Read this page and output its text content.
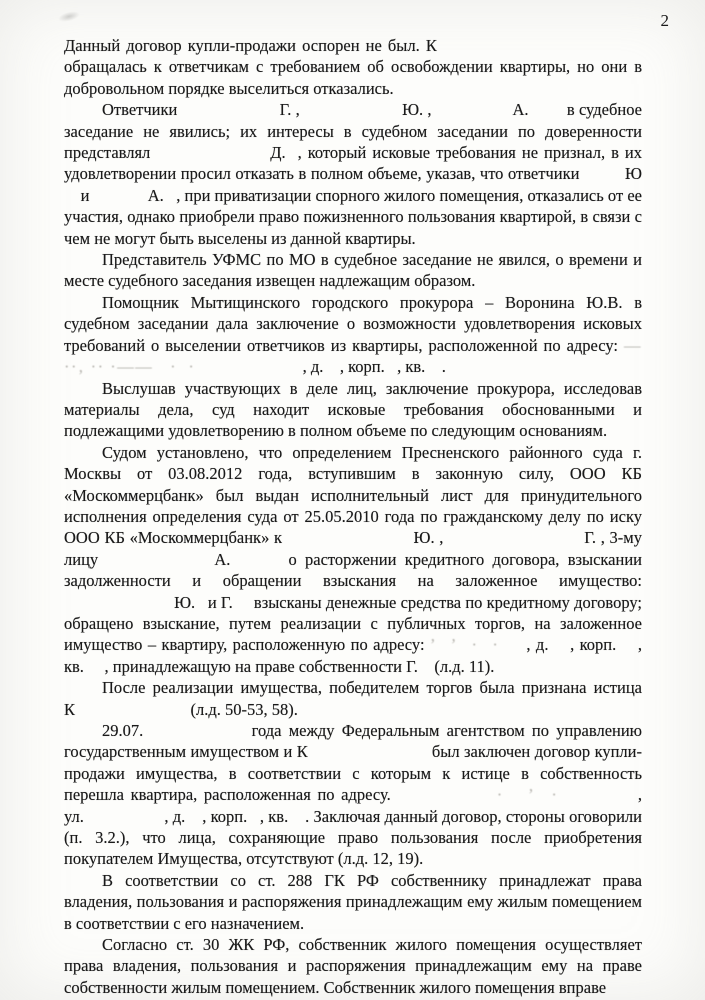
2

Данный договор купли-продажи оспорен не был. К                                   обращалась к ответчикам с требованием об освобождении квартиры, но они в добровольном порядке выселиться отказались.

Ответчики                        Г. ,                        Ю. ,                   А.         в судебное заседание не явились; их интересы в судебном заседании по доверенности представлял                    Д.  , который исковые требования не признал, в их удовлетворении просил отказать в полном объеме, указав, что ответчики          Ю     и              А.   , при приватизации спорного жилого помещения, отказались от ее участия, однако приобрели право пожизненного пользования квартирой, в связи с чем не могут быть выселены из данной квартиры.

Представитель УФМС по МО в судебное заседание не явился, о времени и месте судебного заседания извещен надлежащим образом.

Помощник Мытищинского городского прокурора – Воронина Ю.В. в судебном заседании дала заключение о возможности удовлетворения исковых требований о выселении ответчиков из квартиры, расположенной по адресу: —··‚ ·· ·——   ·  ·                          , д.    , корп.   , кв.    .

Выслушав участвующих в деле лиц, заключение прокурора, исследовав материалы дела, суд находит исковые требования обоснованными и подлежащими удовлетворению в полном объеме по следующим основаниям.

Судом установлено, что определением Пресненского районного суда г. Москвы от 03.08.2012 года, вступившим в законную силу, ООО КБ «Москоммерцбанк» был выдан исполнительный лист для принудительного исполнения определения суда от 25.05.2010 года по гражданскому делу по иску ООО КБ «Москоммерцбанк» к                            Ю. ,                              Г. , 3-му лицу              А.       о расторжении кредитного договора, взыскании задолженности и обращении взыскания на заложенное имущество:                           Ю.   и Г.     взысканы денежные средства по кредитному договору; обращено взыскание, путем реализации с публичных торгов, на заложенное имущество – квартиру, расположенную по адресу: ’  ’  ·  ·     , д.    , корп.    , кв.     , принадлежащую на праве собственности Г.    (л.д. 11).

После реализации имущества, победителем торгов была признана истица К                            (л.д. 50-53, 58).

29.07.               года между Федеральным агентством по управлению государственным имуществом и К                            был заключен договор купли-продажи имущества, в соответствии с которым к истице в собственность перешла квартира, расположенная по адресу.                ·   ’  ·            , ул.                   , д.    , корп.   , кв.    . Заключая данный договор, стороны оговорили (п. 3.2.), что лица, сохраняющие право пользования после приобретения покупателем Имущества, отсутствуют (л.д. 12, 19).

В соответствии со ст. 288 ГК РФ собственнику принадлежат права владения, пользования и распоряжения принадлежащим ему жилым помещением в соответствии с его назначением.

Согласно ст. 30 ЖК РФ, собственник жилого помещения осуществляет права владения, пользования и распоряжения принадлежащим ему на праве собственности жилым помещением. Собственник жилого помещения вправе
